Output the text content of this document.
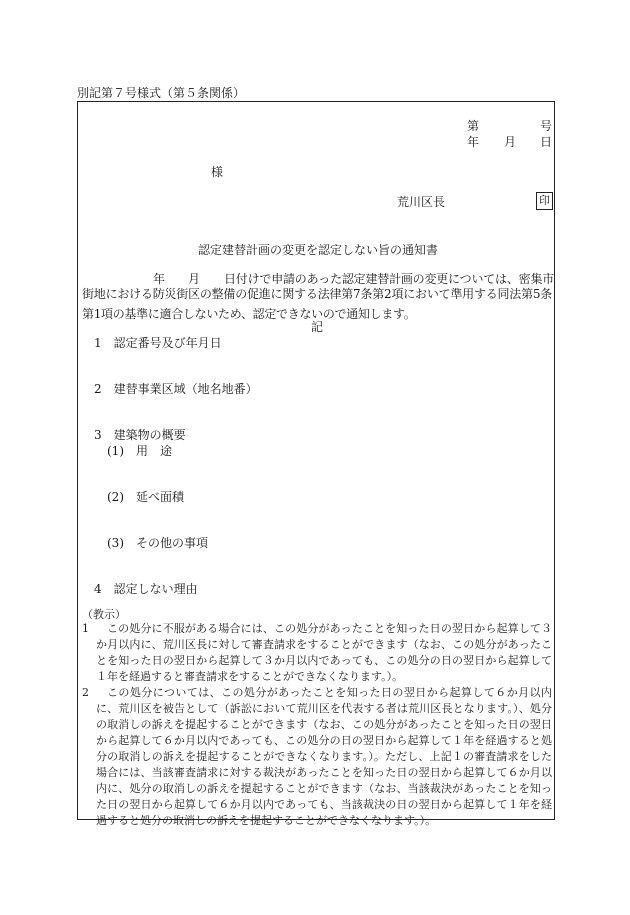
別記第７号様式（第５条関係）
第	号
年 月 日
様
荒川区長	印
認定建替計画の変更を認定しない旨の通知書
年 月 日付けで申請のあった認定建替計画の変更については、密集市
街地における防災街区の整備の促進に関する法律第7条第2項において準用する同法第5条第1項の基準に適合しないため、認定できないので通知します。
記
1　認定番号及び年月日
2　建替事業区域（地名地番）
3　建築物の概要
(1)　用　途
(2)　延べ面積
(3)　その他の事項
4　認定しない理由
（教示）
1	この処分に不服がある場合には、この処分があったことを知った日の翌日から起算して３か月以内に、荒川区長に対して審査請求をすることができます（なお、この処分があったことを知った日の翌日から起算して３か月以内であっても、この処分の日の翌日から起算して１年を経過すると審査請求をすることができなくなります。）。
2	この処分については、この処分があったことを知った日の翌日から起算して６か月以内に、荒川区を被告として（訴訟において荒川区を代表する者は荒川区長となります。）、処分の取消しの訴えを提起することができます（なお、この処分があったことを知った日の翌日から起算して６か月以内であっても、この処分の日の翌日から起算して１年を経過すると処分の取消しの訴えを提起することができなくなります。）。ただし、上記１の審査請求をした場合には、当該審査請求に対する裁決があったことを知った日の翌日から起算して６か月以内に、処分の取消しの訴えを提起することができます（なお、当該裁決があったことを知った日の翌日から起算して６か月以内であっても、当該裁決の日の翌日から起算して１年を経過すると処分の取消しの訴えを提起することができなくなります。）。
